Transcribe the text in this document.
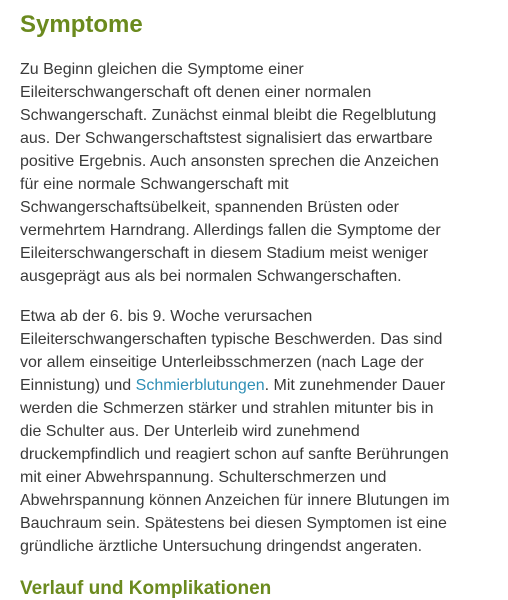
Symptome

Zu Beginn gleichen die Symptome einer
Eileiterschwangerschaft oft denen einer normalen
Schwangerschaft. Zunächst einmal bleibt die Regelblutung
aus. Der Schwangerschaftstest signalisiert das erwartbare
positive Ergebnis. Auch ansonsten sprechen die Anzeichen
für eine normale Schwangerschaft mit
Schwangerschaftsübelkeit, spannenden Brüsten oder
vermehrtem Harndrang. Allerdings fallen die Symptome der
Eileiterschwangerschaft in diesem Stadium meist weniger
ausgeprägt aus als bei normalen Schwangerschaften.

Etwa ab der 6. bis 9. Woche verursachen
Eileiterschwangerschaften typische Beschwerden. Das sind
vor allem einseitige Unterleibsschmerzen (nach Lage der
Einnistung) und Schmierblutungen. Mit zunehmender Dauer
werden die Schmerzen stärker und strahlen mitunter bis in
die Schulter aus. Der Unterleib wird zunehmend
druckempfindlich und reagiert schon auf sanfte Berührungen
mit einer Abwehrspannung. Schulterschmerzen und
Abwehrspannung können Anzeichen für innere Blutungen im
Bauchraum sein. Spätestens bei diesen Symptomen ist eine
gründliche ärztliche Untersuchung dringendst angeraten.

Verlauf und Komplikationen
